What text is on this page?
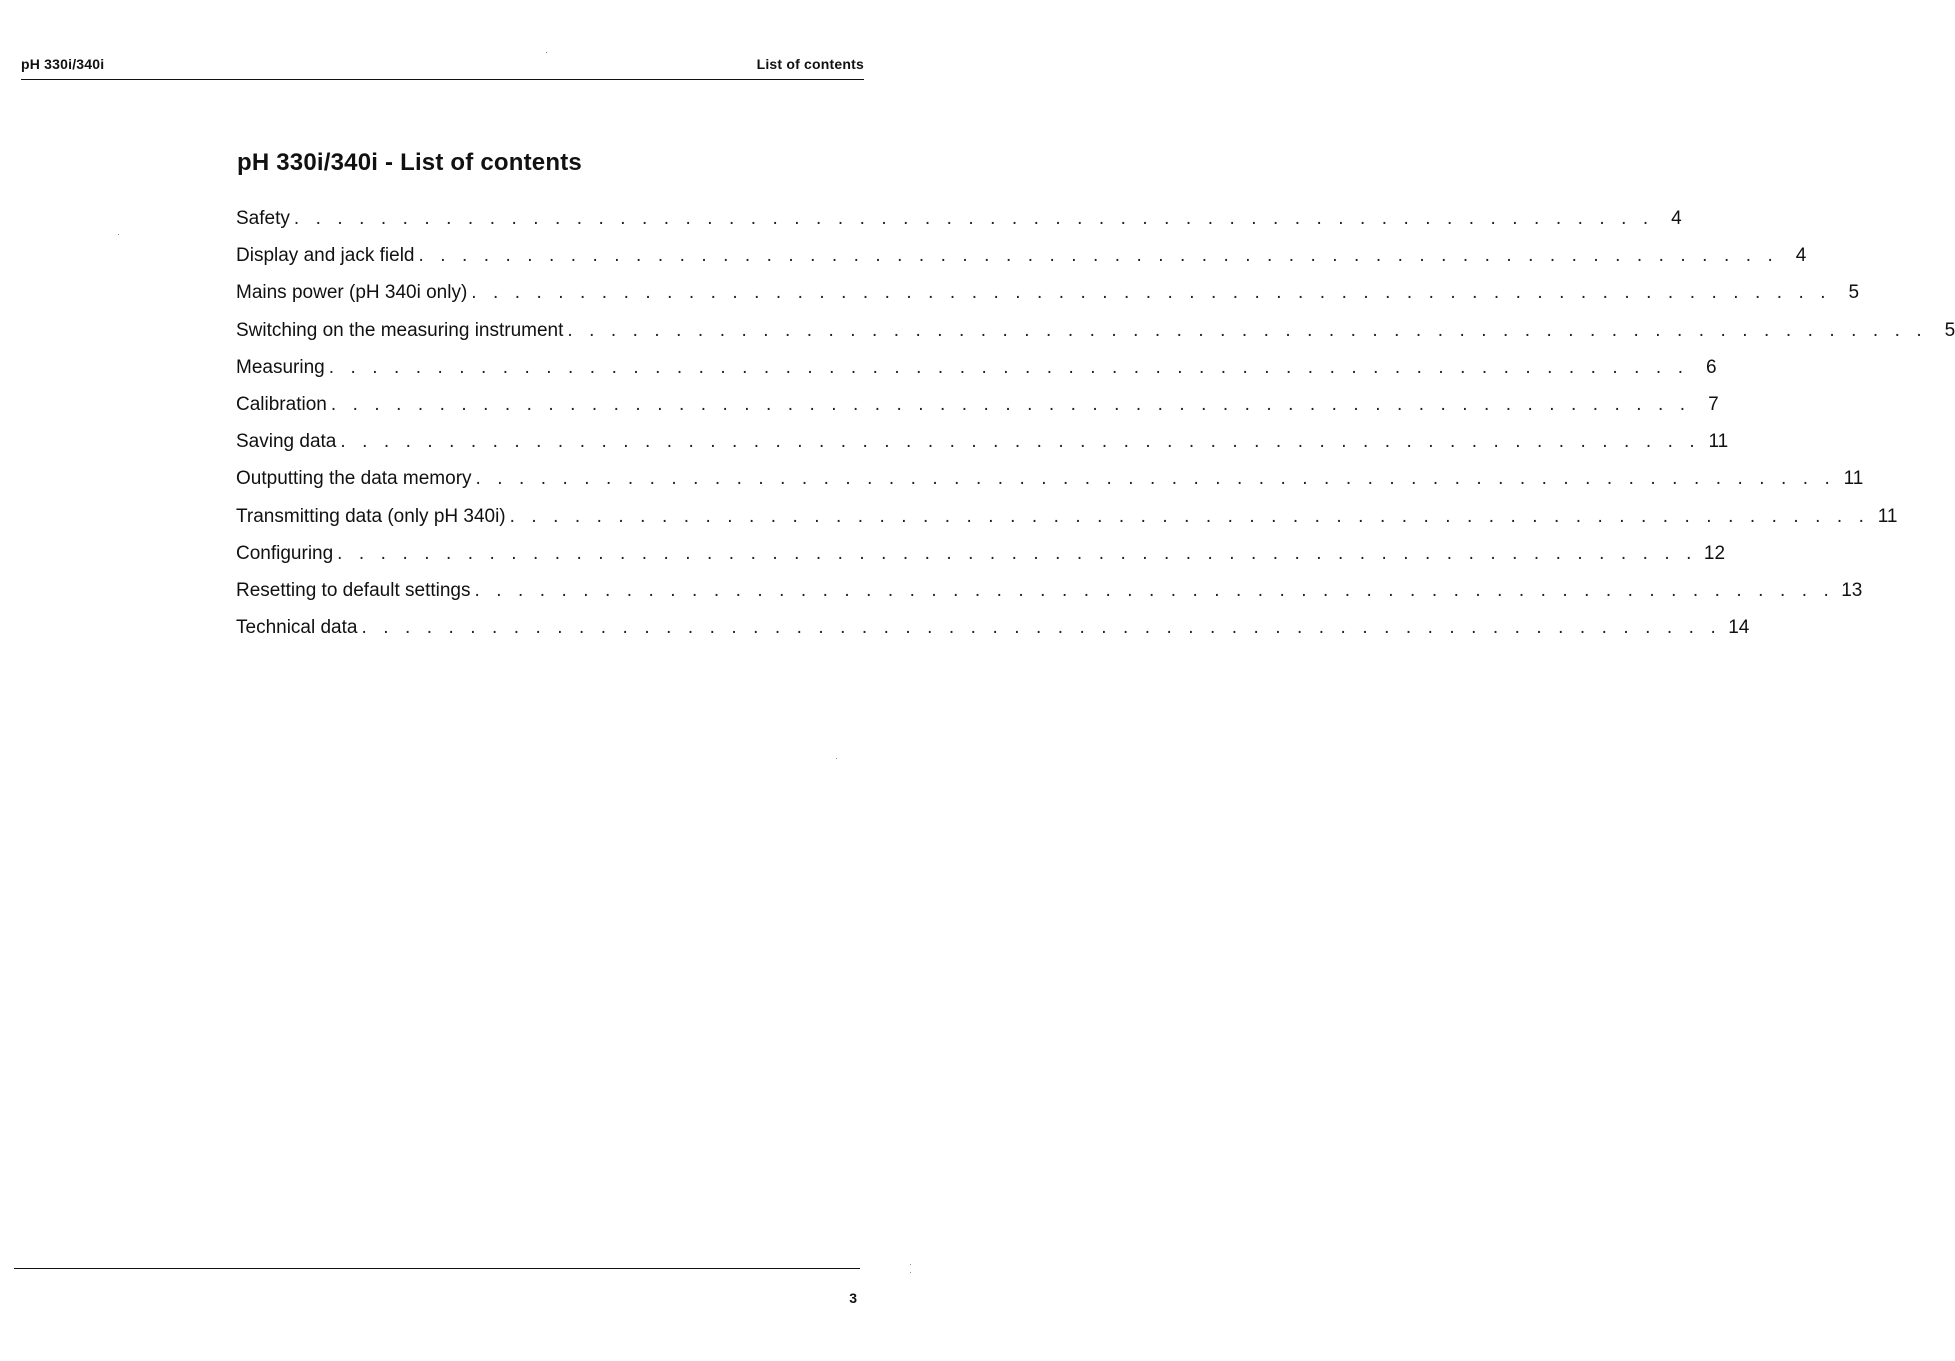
pH 330i/340i	List of contents
pH 330i/340i - List of contents
Safety . . . . . . . . . . . . . . . . . . . . . . . . . . . . . . . . . . . . . . . . . . . . . . . . . . . . . . . . . . . . . . . 4
Display and jack field . . . . . . . . . . . . . . . . . . . . . . . . . . . . . . . . . . . . . . . . . . . . . . . . . . . . . . . . . . . . . . . 4
Mains power (pH 340i only) . . . . . . . . . . . . . . . . . . . . . . . . . . . . . . . . . . . . . . . . . . . . . . . . . . . . . . . . . . . . . . . 5
Switching on the measuring instrument . . . . . . . . . . . . . . . . . . . . . . . . . . . . . . . . . . . . . . . . . . . . . . . . . . . . . . . . . . . . . . . 5
Measuring . . . . . . . . . . . . . . . . . . . . . . . . . . . . . . . . . . . . . . . . . . . . . . . . . . . . . . . . . . . . . . . 6
Calibration . . . . . . . . . . . . . . . . . . . . . . . . . . . . . . . . . . . . . . . . . . . . . . . . . . . . . . . . . . . . . . . 7
Saving data . . . . . . . . . . . . . . . . . . . . . . . . . . . . . . . . . . . . . . . . . . . . . . . . . . . . . . . . . . . . . . . 11
Outputting the data memory . . . . . . . . . . . . . . . . . . . . . . . . . . . . . . . . . . . . . . . . . . . . . . . . . . . . . . . . . . . . . . . 11
Transmitting data (only pH 340i) . . . . . . . . . . . . . . . . . . . . . . . . . . . . . . . . . . . . . . . . . . . . . . . . . . . . . . . . . . . . . . . 11
Configuring . . . . . . . . . . . . . . . . . . . . . . . . . . . . . . . . . . . . . . . . . . . . . . . . . . . . . . . . . . . . . . . 12
Resetting to default settings . . . . . . . . . . . . . . . . . . . . . . . . . . . . . . . . . . . . . . . . . . . . . . . . . . . . . . . . . . . . . . . 13
Technical data . . . . . . . . . . . . . . . . . . . . . . . . . . . . . . . . . . . . . . . . . . . . . . . . . . . . . . . . . . . . . . . 14
3
